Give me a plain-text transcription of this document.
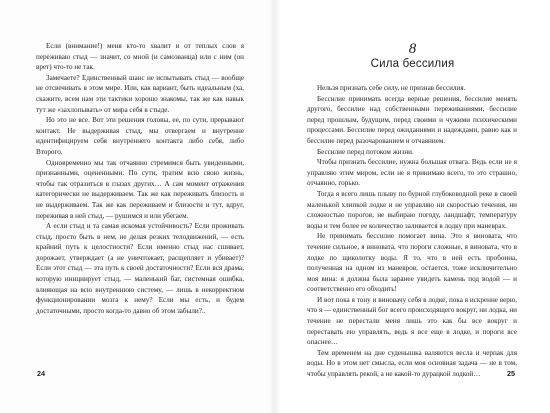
Если (внимание!) меня кто-то хвалит и от теплых слов я переживаю стыд — значит, со мной (и самозванца) или с ним (он врет) что-то не так.

Замечаете? Единственный шанс не испытывать стыд — вообще не отсвечивать в этом мире. Или, как вариант, быть идеальным (ха, скажите, всем нам эти тактики хорошо знакомы, так же как навык тут же «захлопывать» от мира себя в стыде.

Но это не все. Вот эти решения головы, ее, по сути, прерывают контакт. Не выдерживая стыд, мы отвергаем и внутренне идентифицируем себя внутреннего контакта либо себя, либо Второго.

Одновременно мы так отчаянно стремимся быть увиденными, признанными, оцененными. По сути, тратим всю свою жизнь, чтобы так отразиться в глазах других… А сам момент отражения категорически не выдерживаем. Так же как переживать близость и не выдерживаем. Так же как переживаем и близости и тут, вдруг, переживая в ней стыд, — рушимся и или убегаем.

А если стыд и та самая искомая устойчивость? Если проживать стыд, просто быть в нем, не делая резких телодвижений, — есть крайний путь к целостности? Если именно стыд нас сшивает, дорожает, утверждает (а не уничтожает, расщепляет и убивает)? Если этот стыд — эта путь к своей достаточности? Если вся драма, которую инициирует стыд, — маленький баг, системная ошибка, влияющая на всю внутреннюю систему, — лишь в некорректном функционировании мозга к нему? Если мы есть, и будем достаточными, просто когда-то давно об этом забыли?..

24
8
Сила бессилия

Нельзя признать себе силу, не признав бессилия.

Бессилие принимать всегда верные решения, бессилие менять другого, бессилие над собственными переживаниями, бессилие перед прошлым, будущим, перед своими и чужими психическими процессами. Бессилие перед ожиданиями и надеждами, равно как и бессилие перед разочарованием и отчаянием.

Бессилие перед потоком жизни.

Чтобы признать бессилие, нужна большая отвага. Ведь если не я управляю этим миром, если не я принимаю всего, то это страшно, отчаянно, горько.

Тогда я всего лишь плыву по бурной глубоководной реке в своей маленькой хлипкой лодке и не управляю ни скоростью течения, ни сложностью порогов, не выбираю погоду, ландшафт, температуру воды и тем более ее количество заливается в лодку при маневрах.

Не принимать бессилие помогает вина. Это я виновата, что течение сильное, я виновата, что пороги сложные, я виновата, что в лодке по щиколотку воды. Я то, что в ней есть пробоина, полученная на одном из маневров, остается, тоже исключительно моя вина: я должна была заранее увидеть камень под водой — и соответственно его обходить!

И вот пока я тону и виновачу себя в лодке, пока я искренне верю, что я — единственный бог всего происходящего вокруг, ни лодка, ни течение не перестали меня лишь это как бы все вокруг и переставать ею управлять, ведь я все еще в лодке, и пороги все опаснее…

Тем временем на дне суденышка валяются весла и черпак для воды. Но в этом нет смысла, если моя основная задача — не в том, чтобы управлять рекой, а не какой-то дурацкой лодкой…	25
